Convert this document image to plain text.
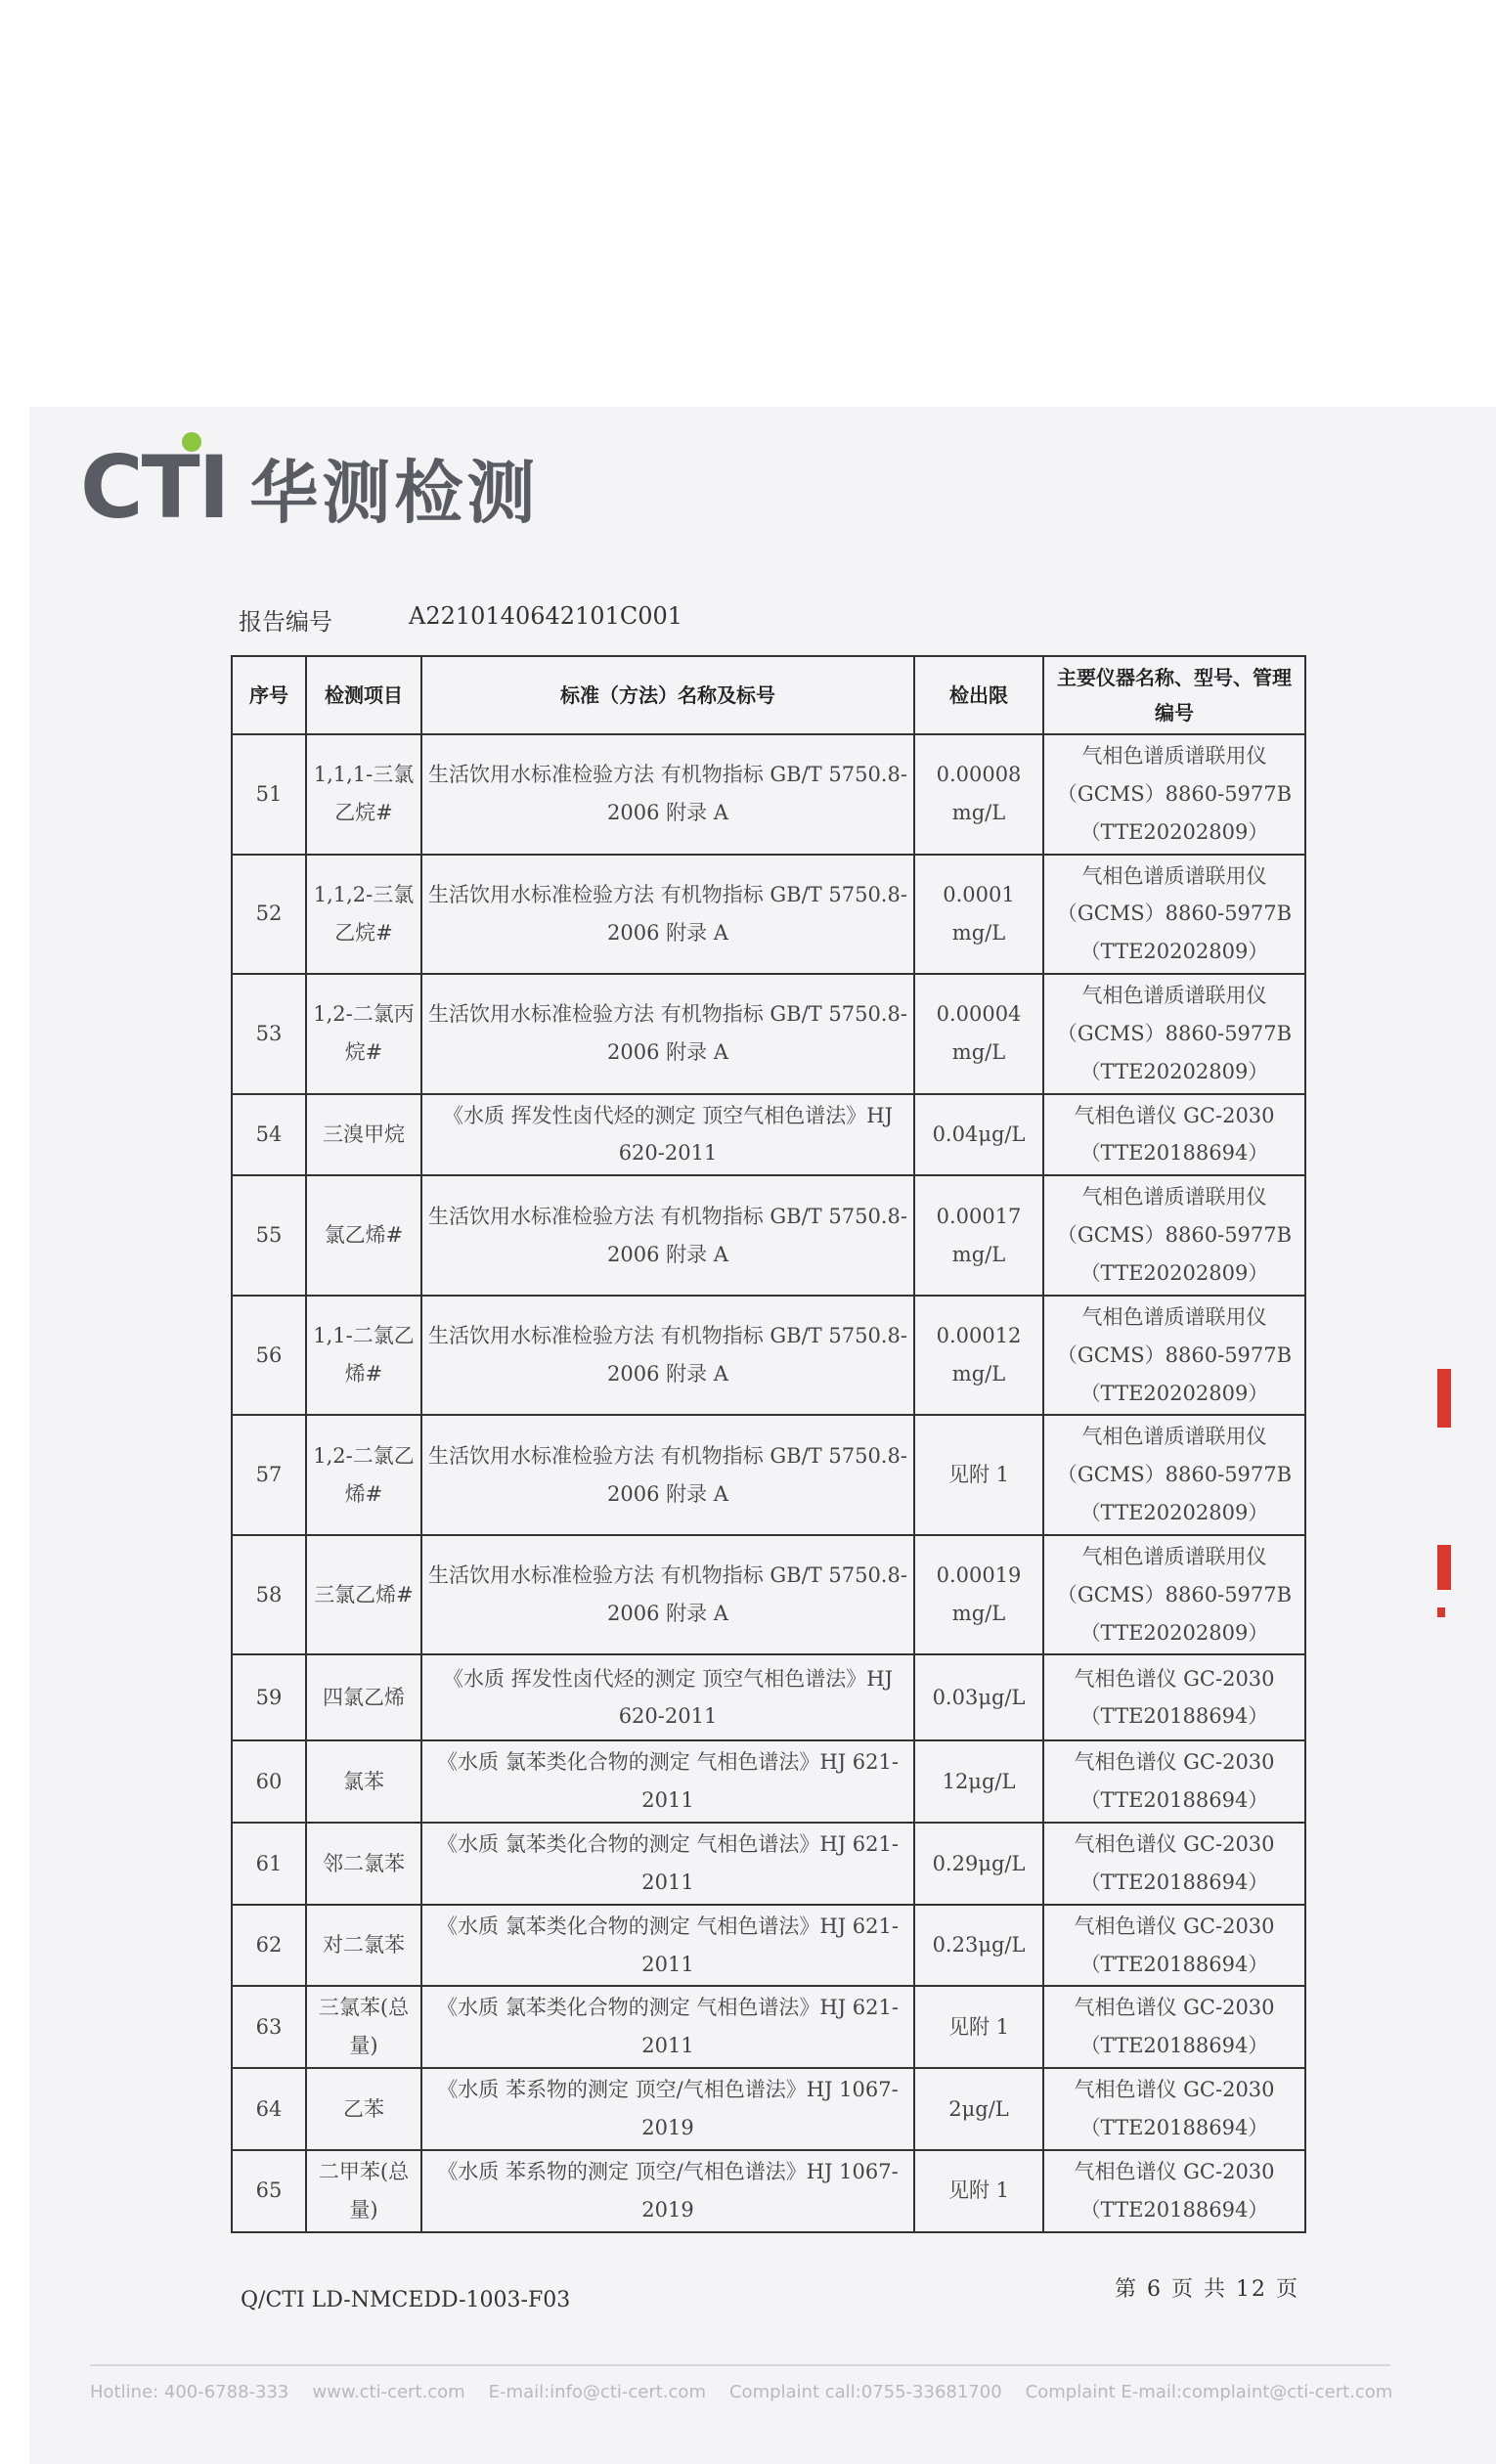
CTI 华测检测
报告编号	A2210140642101C001
序号	检测项目	标准（方法）名称及标号	检出限	主要仪器名称、型号、管理编号
51	1,1,1-三氯乙烷#	生活饮用水标准检验方法 有机物指标 GB/T 5750.8-2006 附录 A	0.00008 mg/L	气相色谱质谱联用仪（GCMS）8860-5977B（TTE20202809）
52	1,1,2-三氯乙烷#	生活饮用水标准检验方法 有机物指标 GB/T 5750.8-2006 附录 A	0.0001 mg/L	气相色谱质谱联用仪（GCMS）8860-5977B（TTE20202809）
53	1,2-二氯丙烷#	生活饮用水标准检验方法 有机物指标 GB/T 5750.8-2006 附录 A	0.00004 mg/L	气相色谱质谱联用仪（GCMS）8860-5977B（TTE20202809）
54	三溴甲烷	《水质 挥发性卤代烃的测定 顶空气相色谱法》HJ 620-2011	0.04μg/L	气相色谱仪 GC-2030（TTE20188694）
55	氯乙烯#	生活饮用水标准检验方法 有机物指标 GB/T 5750.8-2006 附录 A	0.00017 mg/L	气相色谱质谱联用仪（GCMS）8860-5977B（TTE20202809）
56	1,1-二氯乙烯#	生活饮用水标准检验方法 有机物指标 GB/T 5750.8-2006 附录 A	0.00012 mg/L	气相色谱质谱联用仪（GCMS）8860-5977B（TTE20202809）
57	1,2-二氯乙烯#	生活饮用水标准检验方法 有机物指标 GB/T 5750.8-2006 附录 A	见附 1	气相色谱质谱联用仪（GCMS）8860-5977B（TTE20202809）
58	三氯乙烯#	生活饮用水标准检验方法 有机物指标 GB/T 5750.8-2006 附录 A	0.00019 mg/L	气相色谱质谱联用仪（GCMS）8860-5977B（TTE20202809）
59	四氯乙烯	《水质 挥发性卤代烃的测定 顶空气相色谱法》HJ 620-2011	0.03μg/L	气相色谱仪 GC-2030（TTE20188694）
60	氯苯	《水质 氯苯类化合物的测定 气相色谱法》HJ 621-2011	12μg/L	气相色谱仪 GC-2030（TTE20188694）
61	邻二氯苯	《水质 氯苯类化合物的测定 气相色谱法》HJ 621-2011	0.29μg/L	气相色谱仪 GC-2030（TTE20188694）
62	对二氯苯	《水质 氯苯类化合物的测定 气相色谱法》HJ 621-2011	0.23μg/L	气相色谱仪 GC-2030（TTE20188694）
63	三氯苯(总量)	《水质 氯苯类化合物的测定 气相色谱法》HJ 621-2011	见附 1	气相色谱仪 GC-2030（TTE20188694）
64	乙苯	《水质 苯系物的测定 顶空/气相色谱法》HJ 1067-2019	2μg/L	气相色谱仪 GC-2030（TTE20188694）
65	二甲苯(总量)	《水质 苯系物的测定 顶空/气相色谱法》HJ 1067-2019	见附 1	气相色谱仪 GC-2030（TTE20188694）
Q/CTI LD-NMCEDD-1003-F03	第 6 页 共 12 页
Hotline: 400-6788-333 www.cti-cert.com E-mail:info@cti-cert.com Complaint call:0755-33681700 Complaint E-mail:complaint@cti-cert.com
